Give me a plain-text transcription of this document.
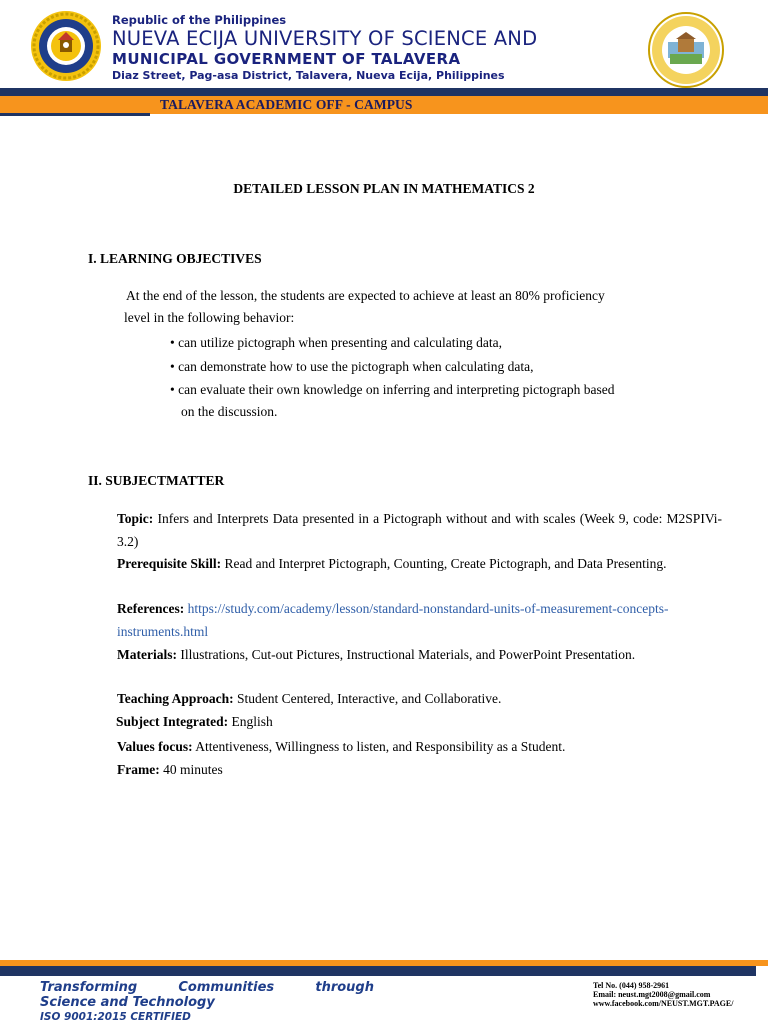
Republic of the Philippines
NUEVA ECIJA UNIVERSITY OF SCIENCE AND
MUNICIPAL GOVERNMENT OF TALAVERA
Diaz Street, Pag-asa District, Talavera, Nueva Ecija, Philippines
TALAVERA ACADEMIC OFF - CAMPUS
DETAILED LESSON PLAN IN MATHEMATICS 2
I. LEARNING OBJECTIVES
At the end of the lesson, the students are expected to achieve at least an 80% proficiency
level in the following behavior:
• can utilize pictograph when presenting and calculating data,
• can demonstrate how to use the pictograph when calculating data,
• can evaluate their own knowledge on inferring and interpreting pictograph based
on the discussion.
II. SUBJECTMATTER
Topic: Infers and Interprets Data presented in a Pictograph without and with scales (Week 9, code: M2SPIVi-3.2)
Prerequisite Skill: Read and Interpret Pictograph, Counting, Create Pictograph, and Data Presenting.
References: https://study.com/academy/lesson/standard-nonstandard-units-of-measurement-concepts-instruments.html
Materials: Illustrations, Cut-out Pictures, Instructional Materials, and PowerPoint Presentation.
Teaching Approach: Student Centered, Interactive, and Collaborative.
Subject Integrated: English
Values focus: Attentiveness, Willingness to listen, and Responsibility as a Student.
Frame: 40 minutes
Transforming	Communities	through
Science and Technology
ISO 9001:2015 CERTIFIED
Tel No. (044) 958-2961
Email: neust.mgt2008@gmail.com
www.facebook.com/NEUST.MGT.PAGE/
